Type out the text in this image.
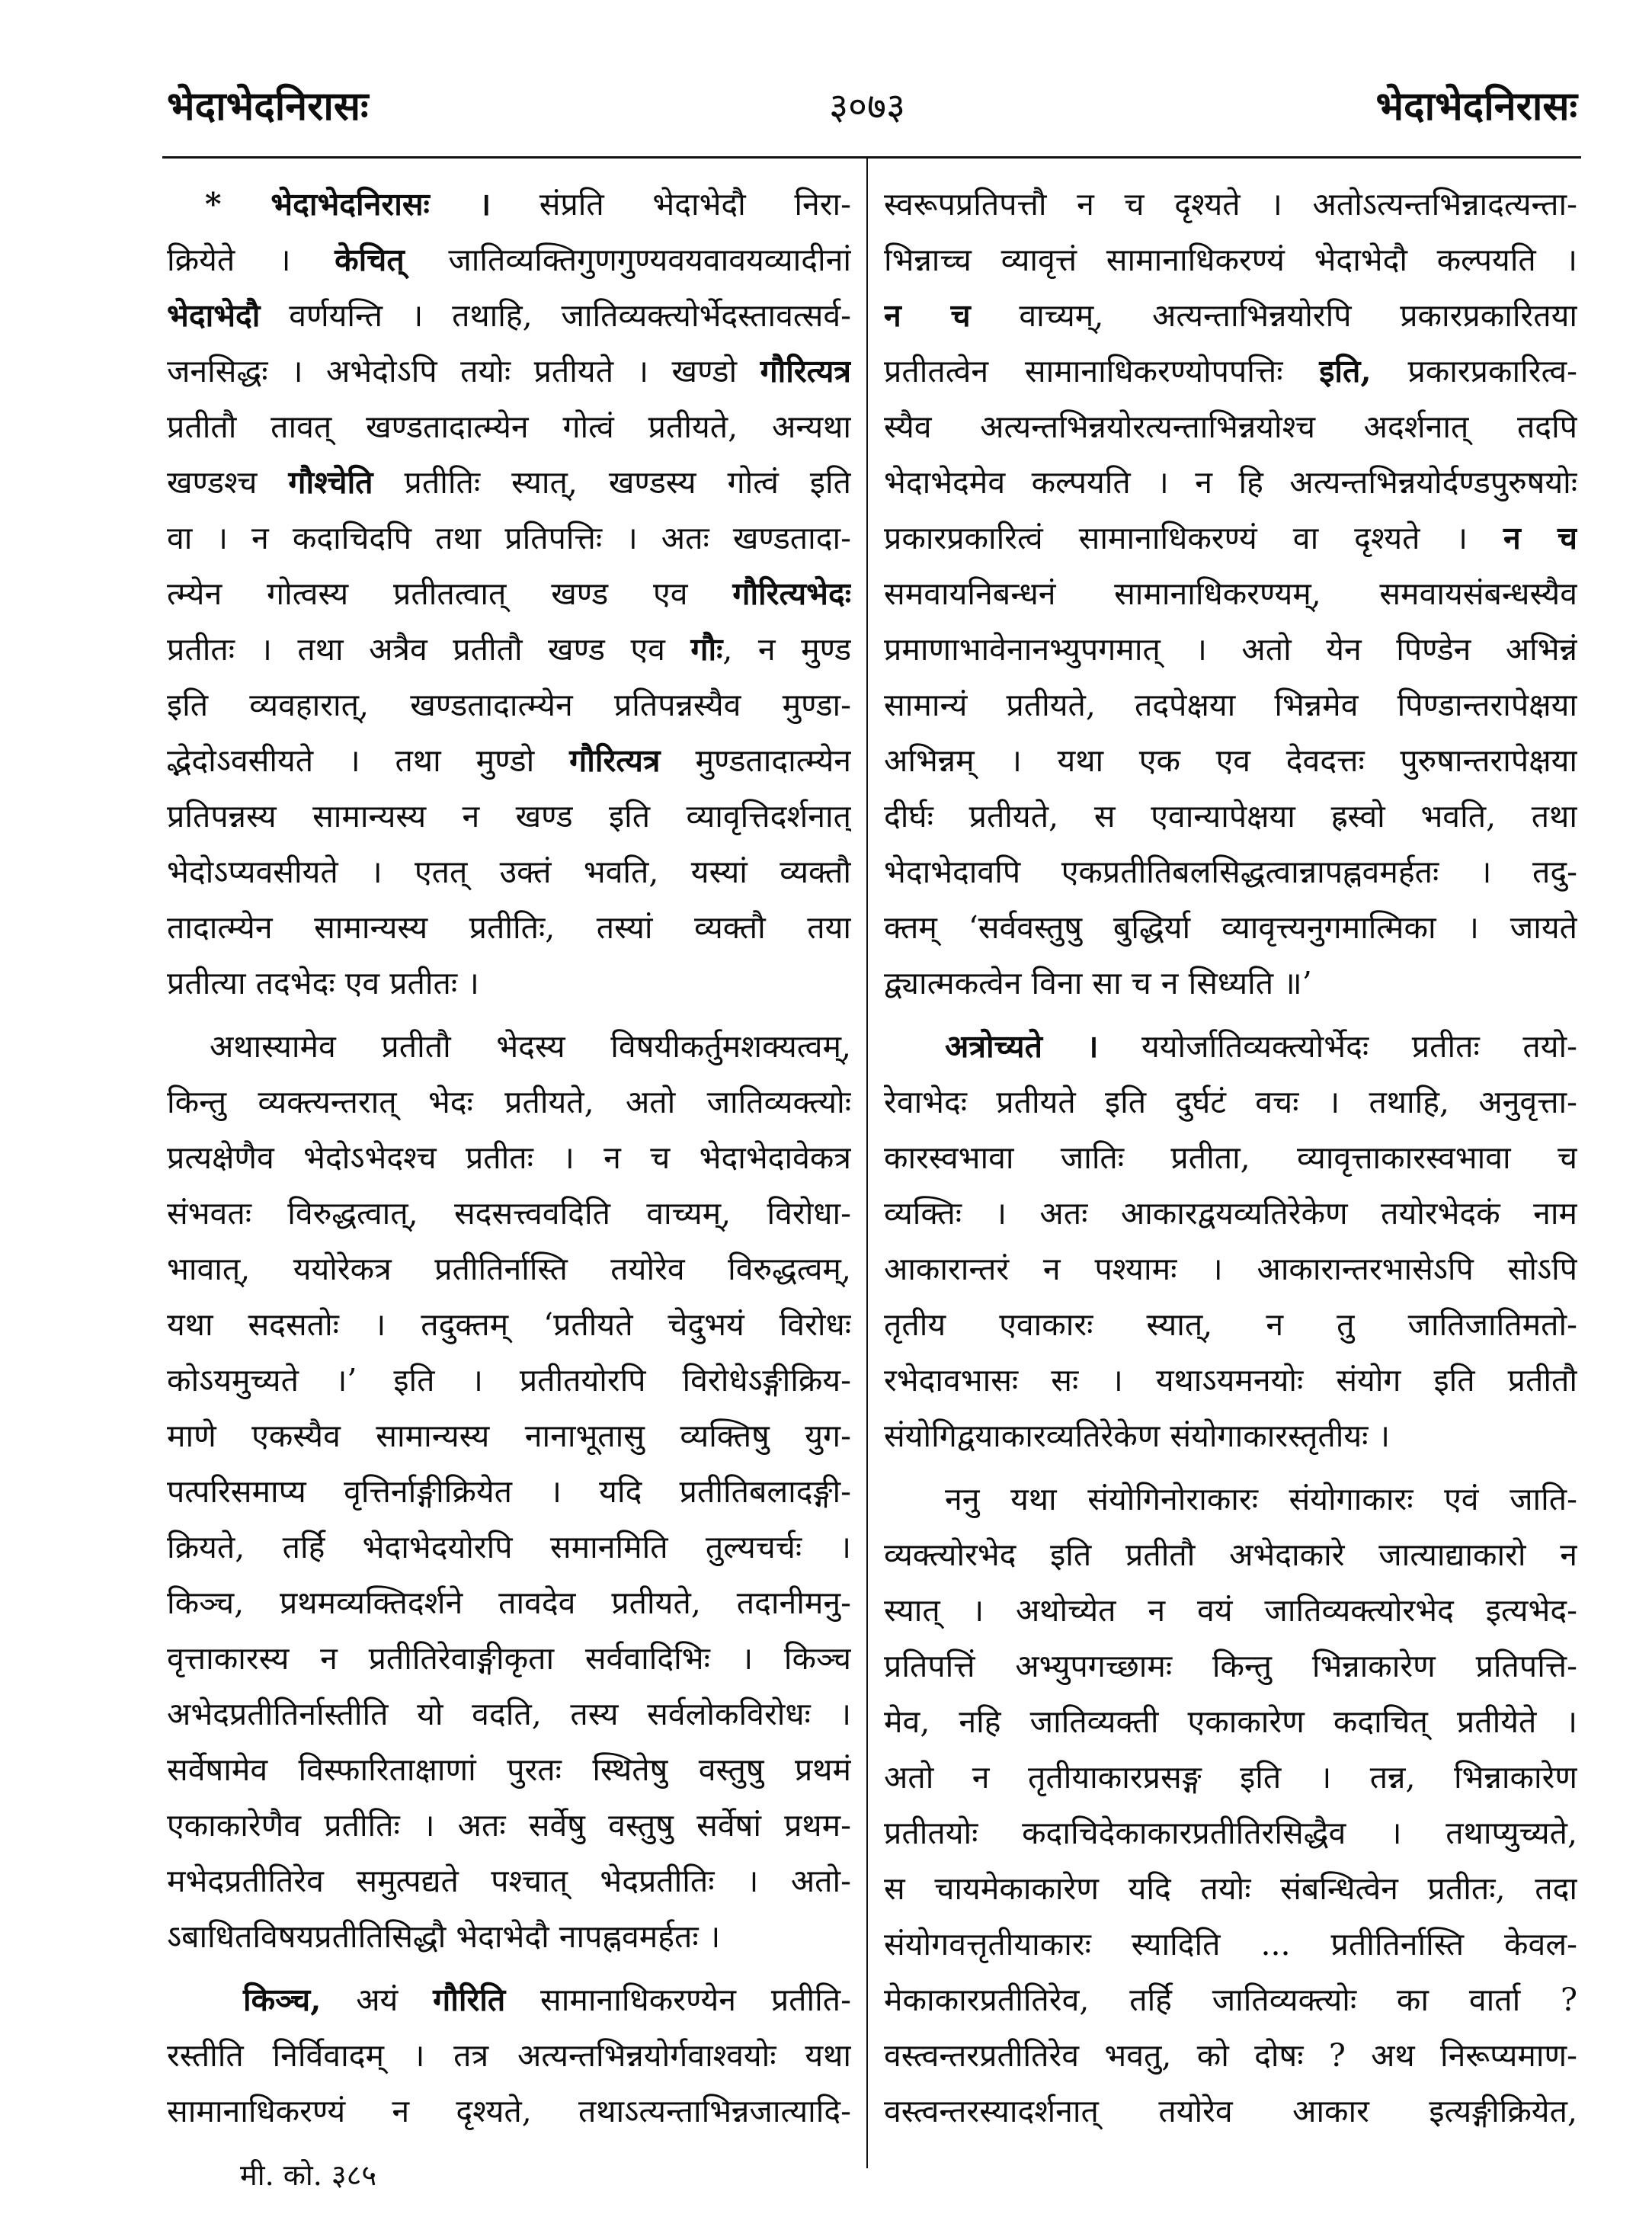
भेदाभेदनिरासः	३०७३	भेदाभेदनिरासः
* भेदाभेदनिरासः । संप्रति भेदाभेदौ निरा-
क्रियेते । केचित् जातिव्यक्तिगुणगुण्यवयवावयव्यादीनां
भेदाभेदौ वर्णयन्ति । तथाहि, जातिव्यक्त्योर्भेदस्तावत्सर्व-
जनसिद्धः । अभेदोऽपि तयोः प्रतीयते । खण्डो गौरित्यत्र
प्रतीतौ तावत् खण्डतादात्म्येन गोत्वं प्रतीयते, अन्यथा
खण्डश्च गौश्चेति प्रतीतिः स्यात्, खण्डस्य गोत्वं इति
वा । न कदाचिदपि तथा प्रतिपत्तिः । अतः खण्डतादा-
त्म्येन गोत्वस्य प्रतीतत्वात् खण्ड एव गौरित्यभेदः
प्रतीतः । तथा अत्रैव प्रतीतौ खण्ड एव गौः, न मुण्ड
इति व्यवहारात्, खण्डतादात्म्येन प्रतिपन्नस्यैव मुण्डा-
द्भेदोऽवसीयते । तथा मुण्डो गौरित्यत्र मुण्डतादात्म्येन
प्रतिपन्नस्य सामान्यस्य न खण्ड इति व्यावृत्तिदर्शनात्
भेदोऽप्यवसीयते । एतत् उक्तं भवति, यस्यां व्यक्तौ
तादात्म्येन सामान्यस्य प्रतीतिः, तस्यां व्यक्तौ तया
प्रतीत्या तदभेदः एव प्रतीतः ।
अथास्यामेव प्रतीतौ भेदस्य विषयीकर्तुमशक्यत्वम्,
किन्तु व्यक्त्यन्तरात् भेदः प्रतीयते, अतो जातिव्यक्त्योः
प्रत्यक्षेणैव भेदोऽभेदश्च प्रतीतः । न च भेदाभेदावेकत्र
संभवतः विरुद्धत्वात्, सदसत्त्ववदिति वाच्यम्, विरोधा-
भावात्, ययोरेकत्र प्रतीतिर्नास्ति तयोरेव विरुद्धत्वम्,
यथा सदसतोः । तदुक्तम् ‘प्रतीयते चेदुभयं विरोधः
कोऽयमुच्यते ।’ इति । प्रतीतयोरपि विरोधेऽङ्गीक्रिय-
माणे एकस्यैव सामान्यस्य नानाभूतासु व्यक्तिषु युग-
पत्परिसमाप्य वृत्तिर्नाङ्गीक्रियेत । यदि प्रतीतिबलादङ्गी-
क्रियते, तर्हि भेदाभेदयोरपि समानमिति तुल्यचर्चः ।
किञ्च, प्रथमव्यक्तिदर्शने तावदेव प्रतीयते, तदानीमनु-
वृत्ताकारस्य न प्रतीतिरेवाङ्गीकृता सर्ववादिभिः । किञ्च
अभेदप्रतीतिर्नास्तीति यो वदति, तस्य सर्वलोकविरोधः ।
सर्वेषामेव विस्फारिताक्षाणां पुरतः स्थितेषु वस्तुषु प्रथमं
एकाकारेणैव प्रतीतिः । अतः सर्वेषु वस्तुषु सर्वेषां प्रथम-
मभेदप्रतीतिरेव समुत्पद्यते पश्चात् भेदप्रतीतिः । अतो-
ऽबाधितविषयप्रतीतिसिद्धौ भेदाभेदौ नापह्नवमर्हतः ।
किञ्च, अयं गौरिति सामानाधिकरण्येन प्रतीति-
रस्तीति निर्विवादम् । तत्र अत्यन्तभिन्नयोर्गवाश्वयोः यथा
सामानाधिकरण्यं न दृश्यते, तथाऽत्यन्ताभिन्नजात्यादि-
स्वरूपप्रतिपत्तौ न च दृश्यते । अतोऽत्यन्तभिन्नादत्यन्ता-
भिन्नाच्च व्यावृत्तं सामानाधिकरण्यं भेदाभेदौ कल्पयति ।
न च वाच्यम्, अत्यन्ताभिन्नयोरपि प्रकारप्रकारितया
प्रतीतत्वेन सामानाधिकरण्योपपत्तिः इति, प्रकारप्रकारित्व-
स्यैव अत्यन्तभिन्नयोरत्यन्ताभिन्नयोश्च अदर्शनात् तदपि
भेदाभेदमेव कल्पयति । न हि अत्यन्तभिन्नयोर्दण्डपुरुषयोः
प्रकारप्रकारित्वं सामानाधिकरण्यं वा दृश्यते । न च
समवायनिबन्धनं सामानाधिकरण्यम्, समवायसंबन्धस्यैव
प्रमाणाभावेनानभ्युपगमात् । अतो येन पिण्डेन अभिन्नं
सामान्यं प्रतीयते, तदपेक्षया भिन्नमेव पिण्डान्तरापेक्षया
अभिन्नम् । यथा एक एव देवदत्तः पुरुषान्तरापेक्षया
दीर्घः प्रतीयते, स एवान्यापेक्षया ह्रस्वो भवति, तथा
भेदाभेदावपि एकप्रतीतिबलसिद्धत्वान्नापह्नवमर्हतः । तदु-
क्तम् ‘सर्ववस्तुषु बुद्धिर्या व्यावृत्त्यनुगमात्मिका । जायते
द्व्यात्मकत्वेन विना सा च न सिध्यति ॥’
अत्रोच्यते । ययोर्जातिव्यक्त्योर्भेदः प्रतीतः तयो-
रेवाभेदः प्रतीयते इति दुर्घटं वचः । तथाहि, अनुवृत्ता-
कारस्वभावा जातिः प्रतीता, व्यावृत्ताकारस्वभावा च
व्यक्तिः । अतः आकारद्वयव्यतिरेकेण तयोरभेदकं नाम
आकारान्तरं न पश्यामः । आकारान्तरभासेऽपि सोऽपि
तृतीय एवाकारः स्यात्, न तु जातिजातिमतो-
रभेदावभासः सः । यथाऽयमनयोः संयोग इति प्रतीतौ
संयोगिद्वयाकारव्यतिरेकेण संयोगाकारस्तृतीयः ।
ननु यथा संयोगिनोराकारः संयोगाकारः एवं जाति-
व्यक्त्योरभेद इति प्रतीतौ अभेदाकारे जात्याद्याकारो न
स्यात् । अथोच्येत न वयं जातिव्यक्त्योरभेद इत्यभेद-
प्रतिपत्तिं अभ्युपगच्छामः किन्तु भिन्नाकारेण प्रतिपत्ति-
मेव, नहि जातिव्यक्ती एकाकारेण कदाचित् प्रतीयेते ।
अतो न तृतीयाकारप्रसङ्ग इति । तन्न, भिन्नाकारेण
प्रतीतयोः कदाचिदेकाकारप्रतीतिरसिद्धैव । तथाप्युच्यते,
स चायमेकाकारेण यदि तयोः संबन्धित्वेन प्रतीतः, तदा
संयोगवत्तृतीयाकारः स्यादिति ... प्रतीतिर्नास्ति केवल-
मेकाकारप्रतीतिरेव, तर्हि जातिव्यक्त्योः का वार्ता ?
वस्त्वन्तरप्रतीतिरेव भवतु, को दोषः ? अथ निरूप्यमाण-
वस्त्वन्तरस्यादर्शनात् तयोरेव आकार इत्यङ्गीक्रियेत,
मी. को. ३८५
